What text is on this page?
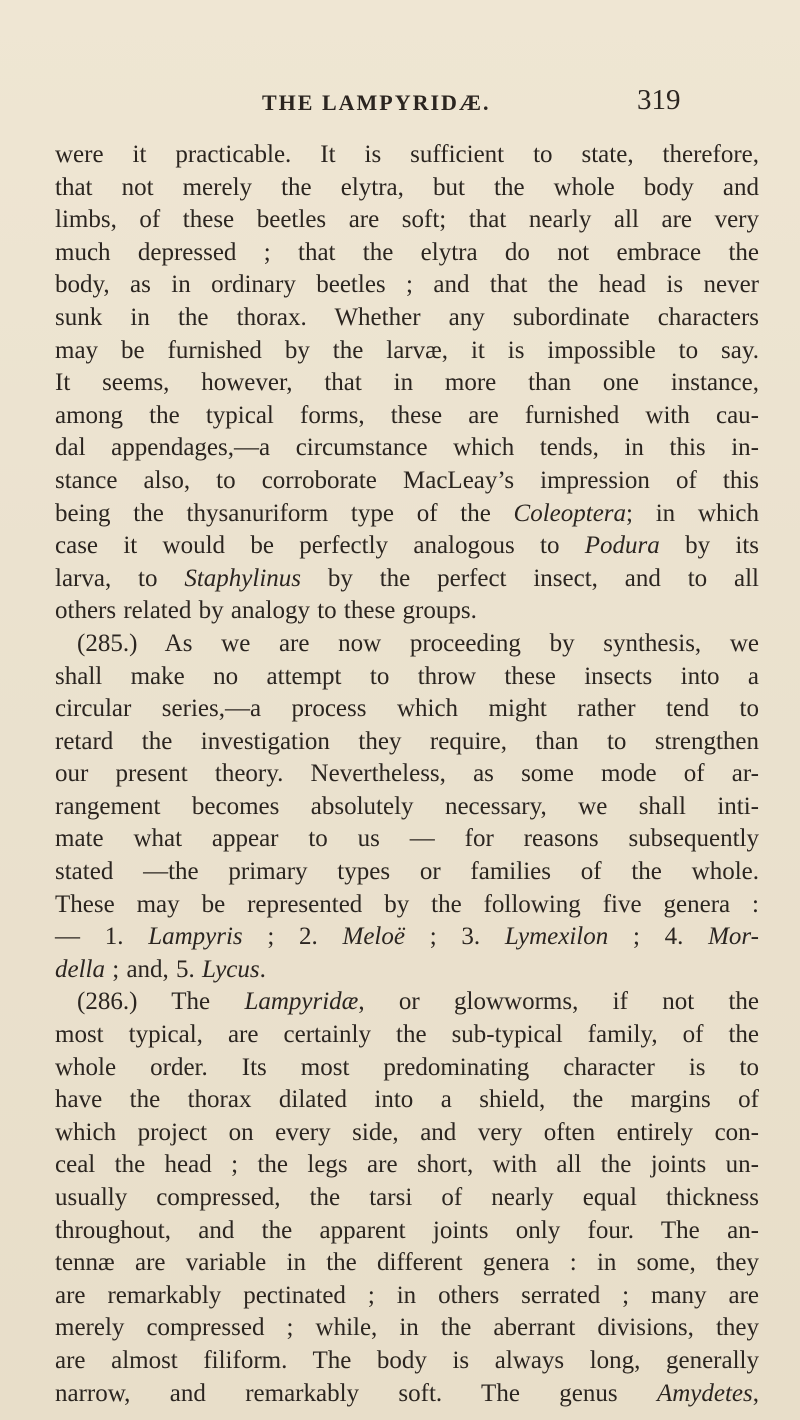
THE LAMPYRIDÆ.	319
were it practicable. It is sufficient to state, therefore,
that not merely the elytra, but the whole body and
limbs, of these beetles are soft; that nearly all are very
much depressed ; that the elytra do not embrace the
body, as in ordinary beetles ; and that the head is never
sunk in the thorax. Whether any subordinate characters
may be furnished by the larvæ, it is impossible to say.
It seems, however, that in more than one instance,
among the typical forms, these are furnished with cau-
dal appendages,—a circumstance which tends, in this in-
stance also, to corroborate MacLeay’s impression of this
being the thysanuriform type of the Coleoptera; in which
case it would be perfectly analogous to Podura by its
larva, to Staphylinus by the perfect insect, and to all
others related by analogy to these groups.
(285.) As we are now proceeding by synthesis, we
shall make no attempt to throw these insects into a
circular series,—a process which might rather tend to
retard the investigation they require, than to strengthen
our present theory. Nevertheless, as some mode of ar-
rangement becomes absolutely necessary, we shall inti-
mate what appear to us — for reasons subsequently
stated —the primary types or families of the whole.
These may be represented by the following five genera :
— 1. Lampyris ; 2. Meloë ; 3. Lymexilon ; 4. Mor-
della ; and, 5. Lycus.
(286.) The Lampyridæ, or glowworms, if not the
most typical, are certainly the sub-typical family, of the
whole order. Its most predominating character is to
have the thorax dilated into a shield, the margins of
which project on every side, and very often entirely con-
ceal the head ; the legs are short, with all the joints un-
usually compressed, the tarsi of nearly equal thickness
throughout, and the apparent joints only four. The an-
tennæ are variable in the different genera : in some, they
are remarkably pectinated ; in others serrated ; many are
merely compressed ; while, in the aberrant divisions, they
are almost filiform. The body is always long, generally
narrow, and remarkably soft. The genus Amydetes,
